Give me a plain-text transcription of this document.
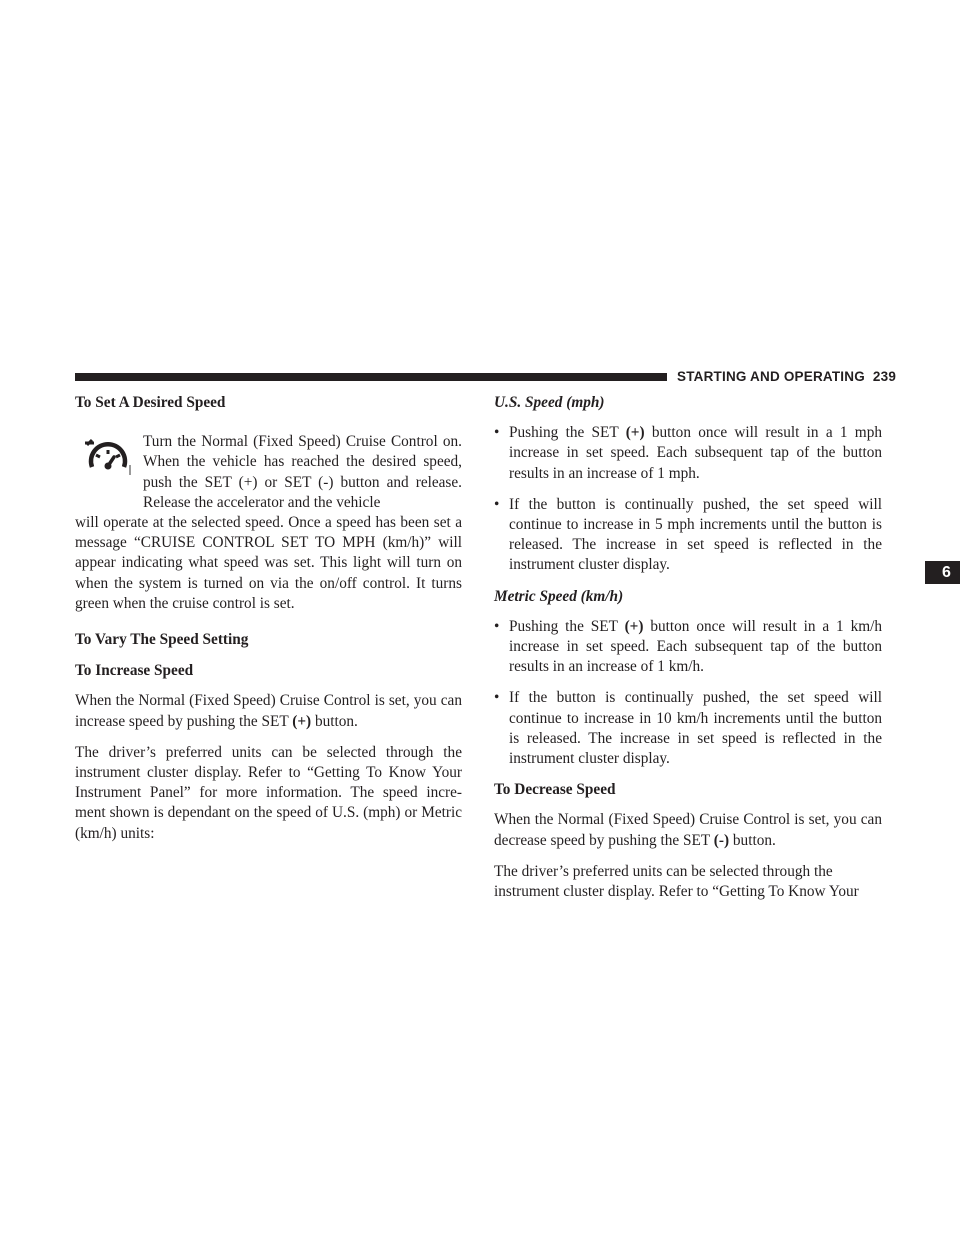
STARTING AND OPERATING 239
6
To Set A Desired Speed
Turn the Normal (Fixed Speed) Cruise Control on. When the vehicle has reached the desired speed, push the SET (+) or SET (-) button and release. Release the accelerator and the vehicle
will operate at the selected speed. Once a speed has been set a message “CRUISE CONTROL SET TO MPH (km/h)” will appear indicating what speed was set. This light will turn on when the system is turned on via the on/off control. It turns green when the cruise control is set.
To Vary The Speed Setting
To Increase Speed

When the Normal (Fixed Speed) Cruise Control is set, you can increase speed by pushing the SET (+) button.

The driver’s preferred units can be selected through the instrument cluster display. Refer to “Getting To Know Your Instrument Panel” for more information. The speed incre- ment shown is dependant on the speed of U.S. (mph) or Metric (km/h) units:

U.S. Speed (mph)
• Pushing the SET (+) button once will result in a 1 mph increase in set speed. Each subsequent tap of the button results in an increase of 1 mph.
• If the button is continually pushed, the set speed will continue to increase in 5 mph increments until the button is released. The increase in set speed is reflected in the instrument cluster display.
Metric Speed (km/h)
• Pushing the SET (+) button once will result in a 1 km/h increase in set speed. Each subsequent tap of the button results in an increase of 1 km/h.
• If the button is continually pushed, the set speed will continue to increase in 10 km/h increments until the button is released. The increase in set speed is reflected in the instrument cluster display.
To Decrease Speed

When the Normal (Fixed Speed) Cruise Control is set, you can decrease speed by pushing the SET (-) button.

The driver’s preferred units can be selected through the instrument cluster display. Refer to “Getting To Know Your
